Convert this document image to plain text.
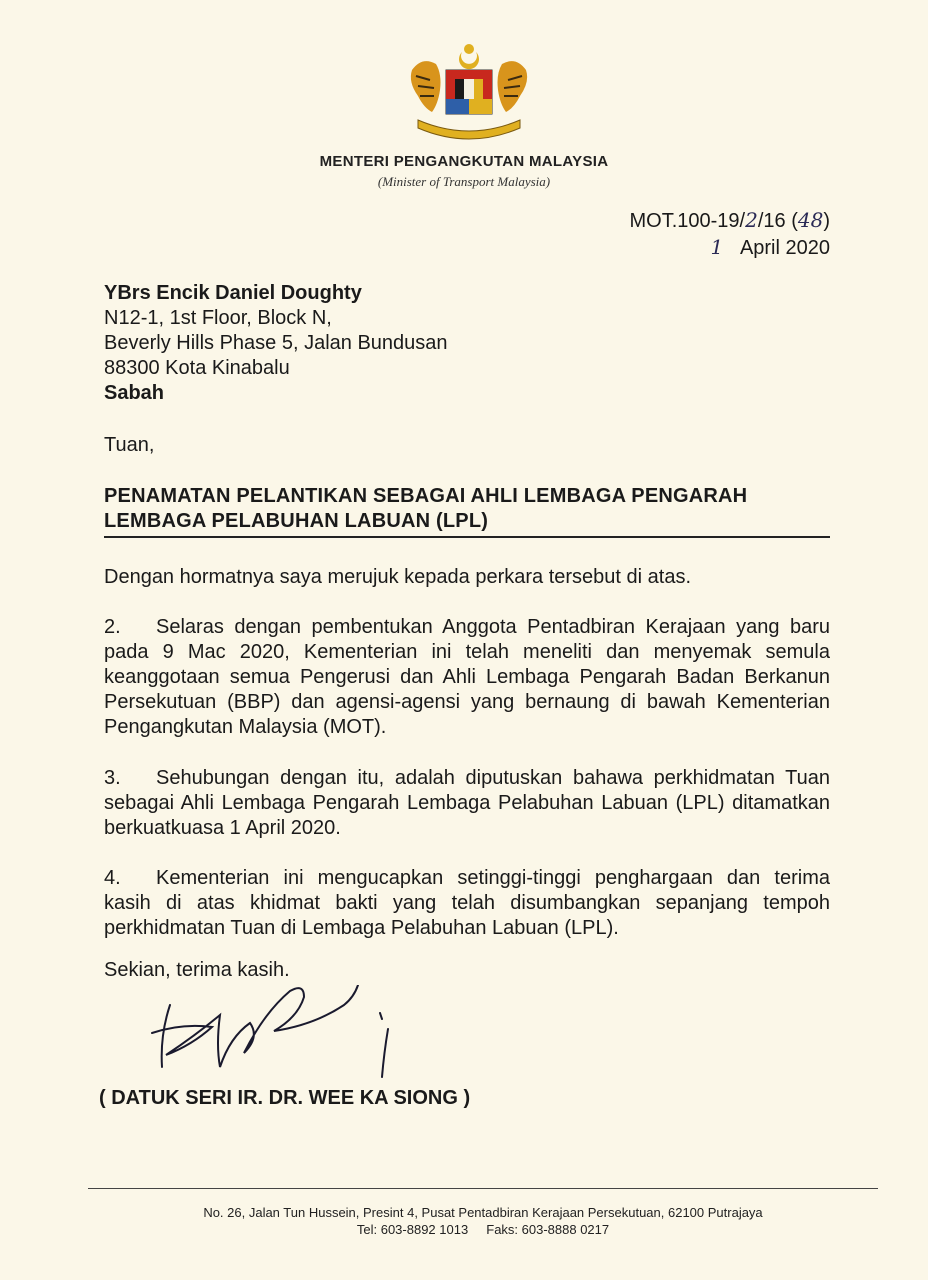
MENTERI PENGANGKUTAN MALAYSIA
(Minister of Transport Malaysia)
MOT.100-19/2/16 (48)
1 April 2020
YBrs Encik Daniel Doughty
N12-1, 1st Floor, Block N,
Beverly Hills Phase 5, Jalan Bundusan
88300 Kota Kinabalu
Sabah
Tuan,
PENAMATAN PELANTIKAN SEBAGAI AHLI LEMBAGA PENGARAH LEMBAGA PELABUHAN LABUAN (LPL)
Dengan hormatnya saya merujuk kepada perkara tersebut di atas.
2. Selaras dengan pembentukan Anggota Pentadbiran Kerajaan yang baru pada 9 Mac 2020, Kementerian ini telah meneliti dan menyemak semula keanggotaan semua Pengerusi dan Ahli Lembaga Pengarah Badan Berkanun Persekutuan (BBP) dan agensi-agensi yang bernaung di bawah Kementerian Pengangkutan Malaysia (MOT).
3. Sehubungan dengan itu, adalah diputuskan bahawa perkhidmatan Tuan sebagai Ahli Lembaga Pengarah Lembaga Pelabuhan Labuan (LPL) ditamatkan berkuatkuasa 1 April 2020.
4. Kementerian ini mengucapkan setinggi-tinggi penghargaan dan terima kasih di atas khidmat bakti yang telah disumbangkan sepanjang tempoh perkhidmatan Tuan di Lembaga Pelabuhan Labuan (LPL).
Sekian, terima kasih.
( DATUK SERI IR. DR. WEE KA SIONG )
No. 26, Jalan Tun Hussein, Presint 4, Pusat Pentadbiran Kerajaan Persekutuan, 62100 Putrajaya
Tel: 603-8892 1013     Faks: 603-8888 0217
